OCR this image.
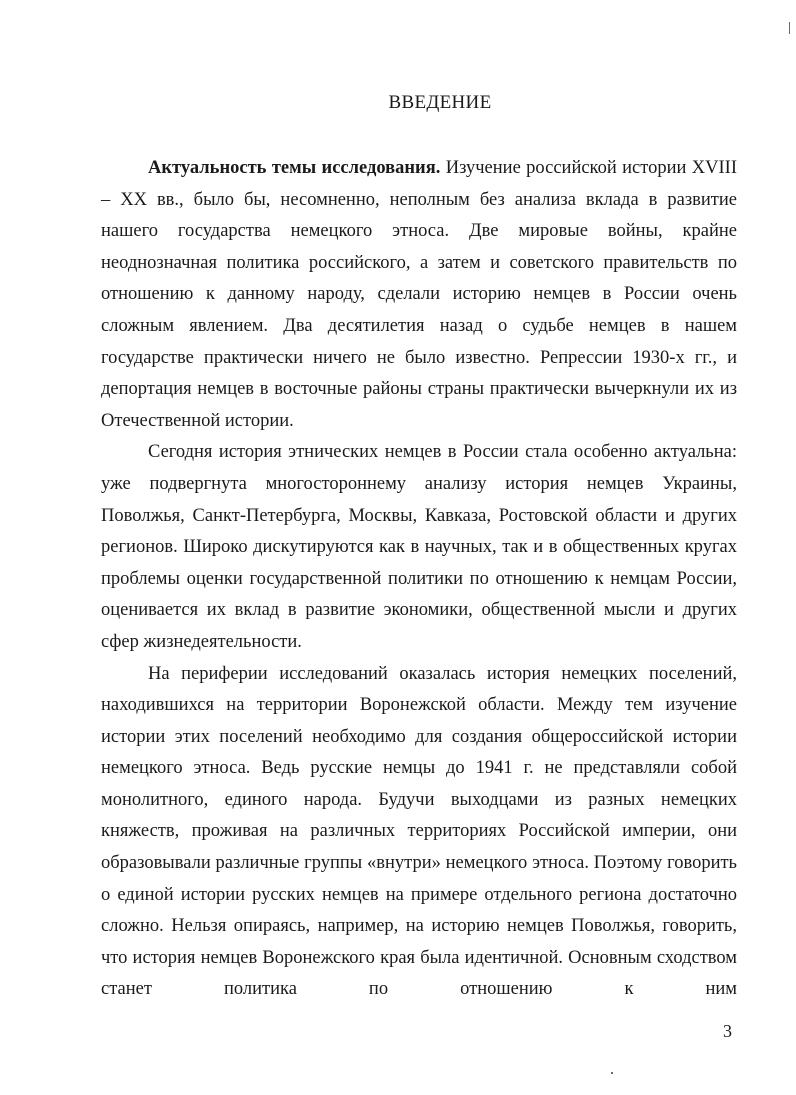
ВВЕДЕНИЕ

Актуальность темы исследования. Изучение российской истории XVIII – XX вв., было бы, несомненно, неполным без анализа вклада в развитие нашего государства немецкого этноса. Две мировые войны, крайне неоднозначная политика российского, а затем и советского правительств по отношению к данному народу, сделали историю немцев в России очень сложным явлением. Два десятилетия назад о судьбе немцев в нашем государстве практически ничего не было известно. Репрессии 1930-х гг., и депортация немцев в восточные районы страны практически вычеркнули их из Отечественной истории.

Сегодня история этнических немцев в России стала особенно актуальна: уже подвергнута многостороннему анализу история немцев Украины, Поволжья, Санкт-Петербурга, Москвы, Кавказа, Ростовской области и других регионов. Широко дискутируются как в научных, так и в общественных кругах проблемы оценки государственной политики по отношению к немцам России, оценивается их вклад в развитие экономики, общественной мысли и других сфер жизнедеятельности.

На периферии исследований оказалась история немецких поселений, находившихся на территории Воронежской области. Между тем изучение истории этих поселений необходимо для создания общероссийской истории немецкого этноса. Ведь русские немцы до 1941 г. не представляли собой монолитного, единого народа. Будучи выходцами из разных немецких княжеств, проживая на различных территориях Российской империи, они образовывали различные группы «внутри» немецкого этноса. Поэтому говорить о единой истории русских немцев на примере отдельного региона достаточно сложно. Нельзя опираясь, например, на историю немцев Поволжья, говорить, что история немцев Воронежского края была идентичной. Основным сходством станет политика по отношению к ним

3
